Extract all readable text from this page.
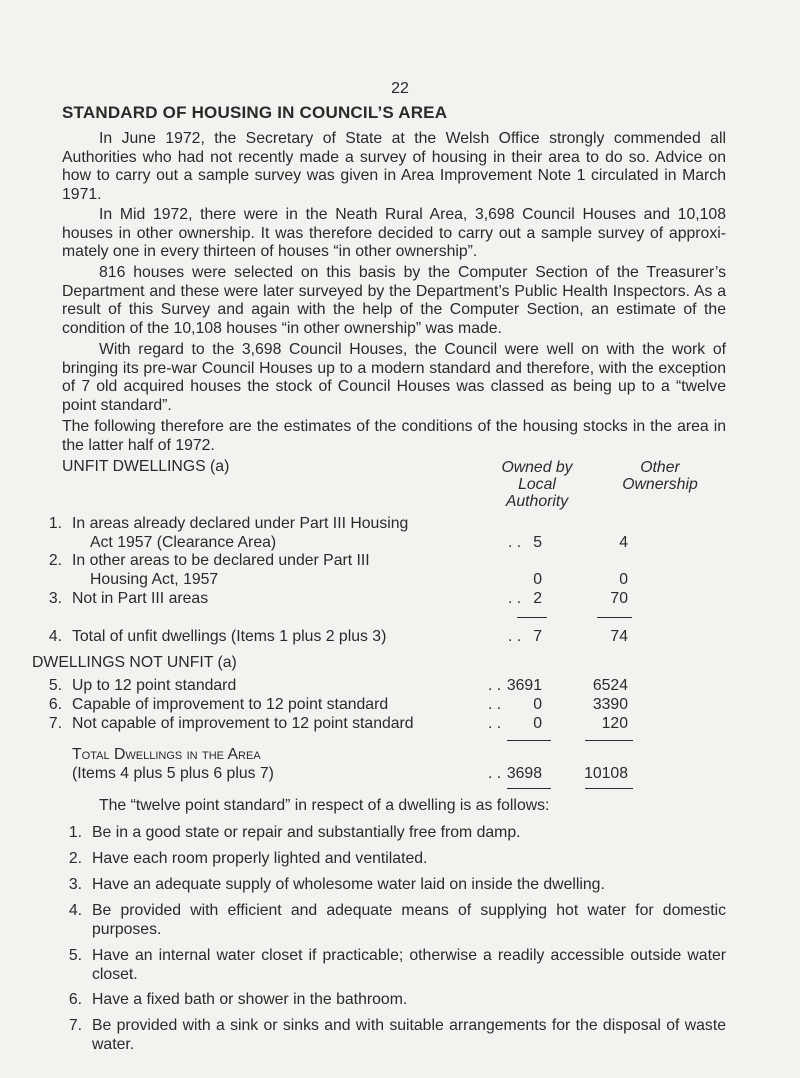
22
STANDARD OF HOUSING IN COUNCIL’S AREA
In June 1972, the Secretary of State at the Welsh Office strongly commended all Authorities who had not recently made a survey of housing in their area to do so. Advice on how to carry out a sample survey was given in Area Improvement Note 1 circulated in March 1971.
In Mid 1972, there were in the Neath Rural Area, 3,698 Council Houses and 10,108 houses in other ownership. It was therefore decided to carry out a sample survey of approxi- mately one in every thirteen of houses “in other ownership”.
816 houses were selected on this basis by the Computer Section of the Treasurer’s Department and these were later surveyed by the Department’s Public Health Inspectors. As a result of this Survey and again with the help of the Computer Section, an estimate of the condition of the 10,108 houses “in other ownership” was made.
With regard to the 3,698 Council Houses, the Council were well on with the work of bringing its pre-war Council Houses up to a modern standard and therefore, with the exception of 7 old acquired houses the stock of Council Houses was classed as being up to a “twelve point standard”.
The following therefore are the estimates of the conditions of the housing stocks in the area in the latter half of 1972.
UNFIT DWELLINGS (a)	Owned by
Local
Authority
Other
Ownership
1. In areas already declared under Part III Housing
Act 1957 (Clearance Area)	. . 5	4
2. In other areas to be declared under Part III
Housing Act, 1957	0	0
3. Not in Part III areas	. . 2	70
4. Total of unfit dwellings (Items 1 plus 2 plus 3)	. . 7	74
DWELLINGS NOT UNFIT (a)
5. Up to 12 point standard	. . 3691	6524
6. Capable of improvement to 12 point standard	. .	0	3390
7. Not capable of improvement to 12 point standard	. .	0	120
Total Dwellings in the Area
(Items 4 plus 5 plus 6 plus 7)	. . 3698	10108
The “twelve point standard” in respect of a dwelling is as follows:
1. Be in a good state or repair and substantially free from damp.
2. Have each room properly lighted and ventilated.
3. Have an adequate supply of wholesome water laid on inside the dwelling.
4. Be provided with efficient and adequate means of supplying hot water for domestic purposes.
5. Have an internal water closet if practicable; otherwise a readily accessible outside water closet.
6. Have a fixed bath or shower in the bathroom.
7. Be provided with a sink or sinks and with suitable arrangements for the disposal of waste water.
